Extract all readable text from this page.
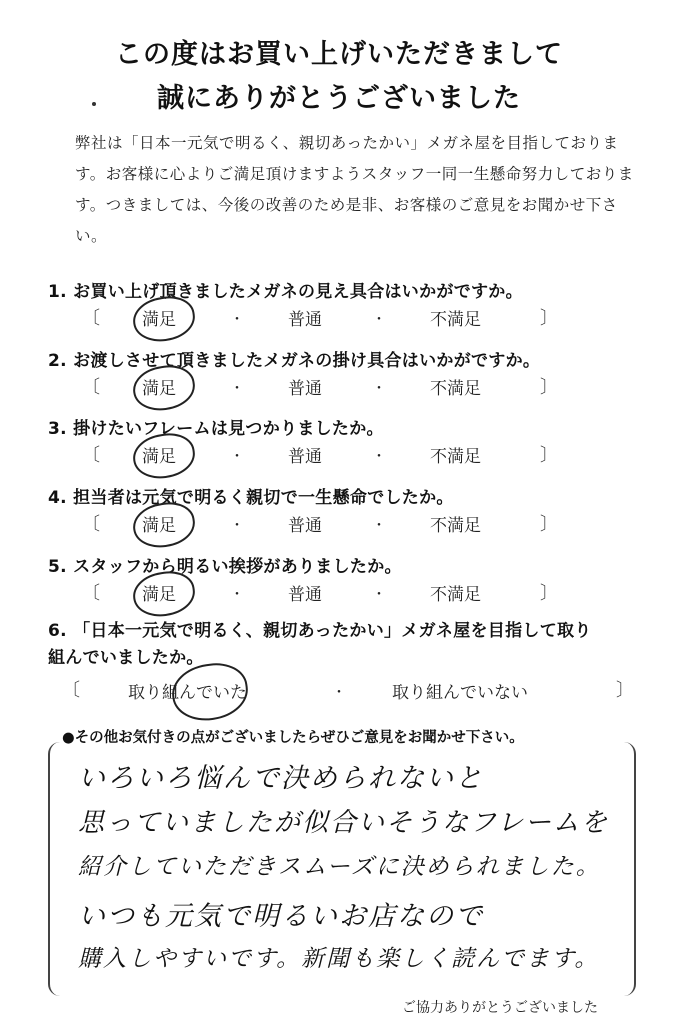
この度はお買い上げいただきまして
誠にありがとうございました
弊社は「日本一元気で明るく、親切あったかい」メガネ屋を目指しております。お客様に心よりご満足頂けますようスタッフ一同一生懸命努力しております。つきましては、今後の改善のため是非、お客様のご意見をお聞かせ下さい。
1. お買い上げ頂きましたメガネの見え具合はいかがですか。
〔 満足	・	普通	・	不満足	〕
2. お渡しさせて頂きましたメガネの掛け具合はいかがですか。
〔 満足	・	普通	・	不満足	〕
3. 掛けたいフレームは見つかりましたか。
〔 満足	・	普通	・	不満足	〕
4. 担当者は元気で明るく親切で一生懸命でしたか。
〔 満足	・	普通	・	不満足	〕
5. スタッフから明るい挨拶がありましたか。
〔 満足	・	普通	・	不満足	〕
6. 「日本一元気で明るく、親切あったかい」メガネ屋を目指して取り組んでいましたか。
〔	取り組んでいた	・	取り組んでいない	〕
●その他お気付きの点がございましたらぜひご意見をお聞かせ下さい。
いろいろ悩んで決められないと
思っていましたが似合いそうなフレームを
紹介していただきスムーズに決められました。
いつも元気で明るいお店なので
購入しやすいです。新聞も楽しく読んでます。
ご協力ありがとうございました
